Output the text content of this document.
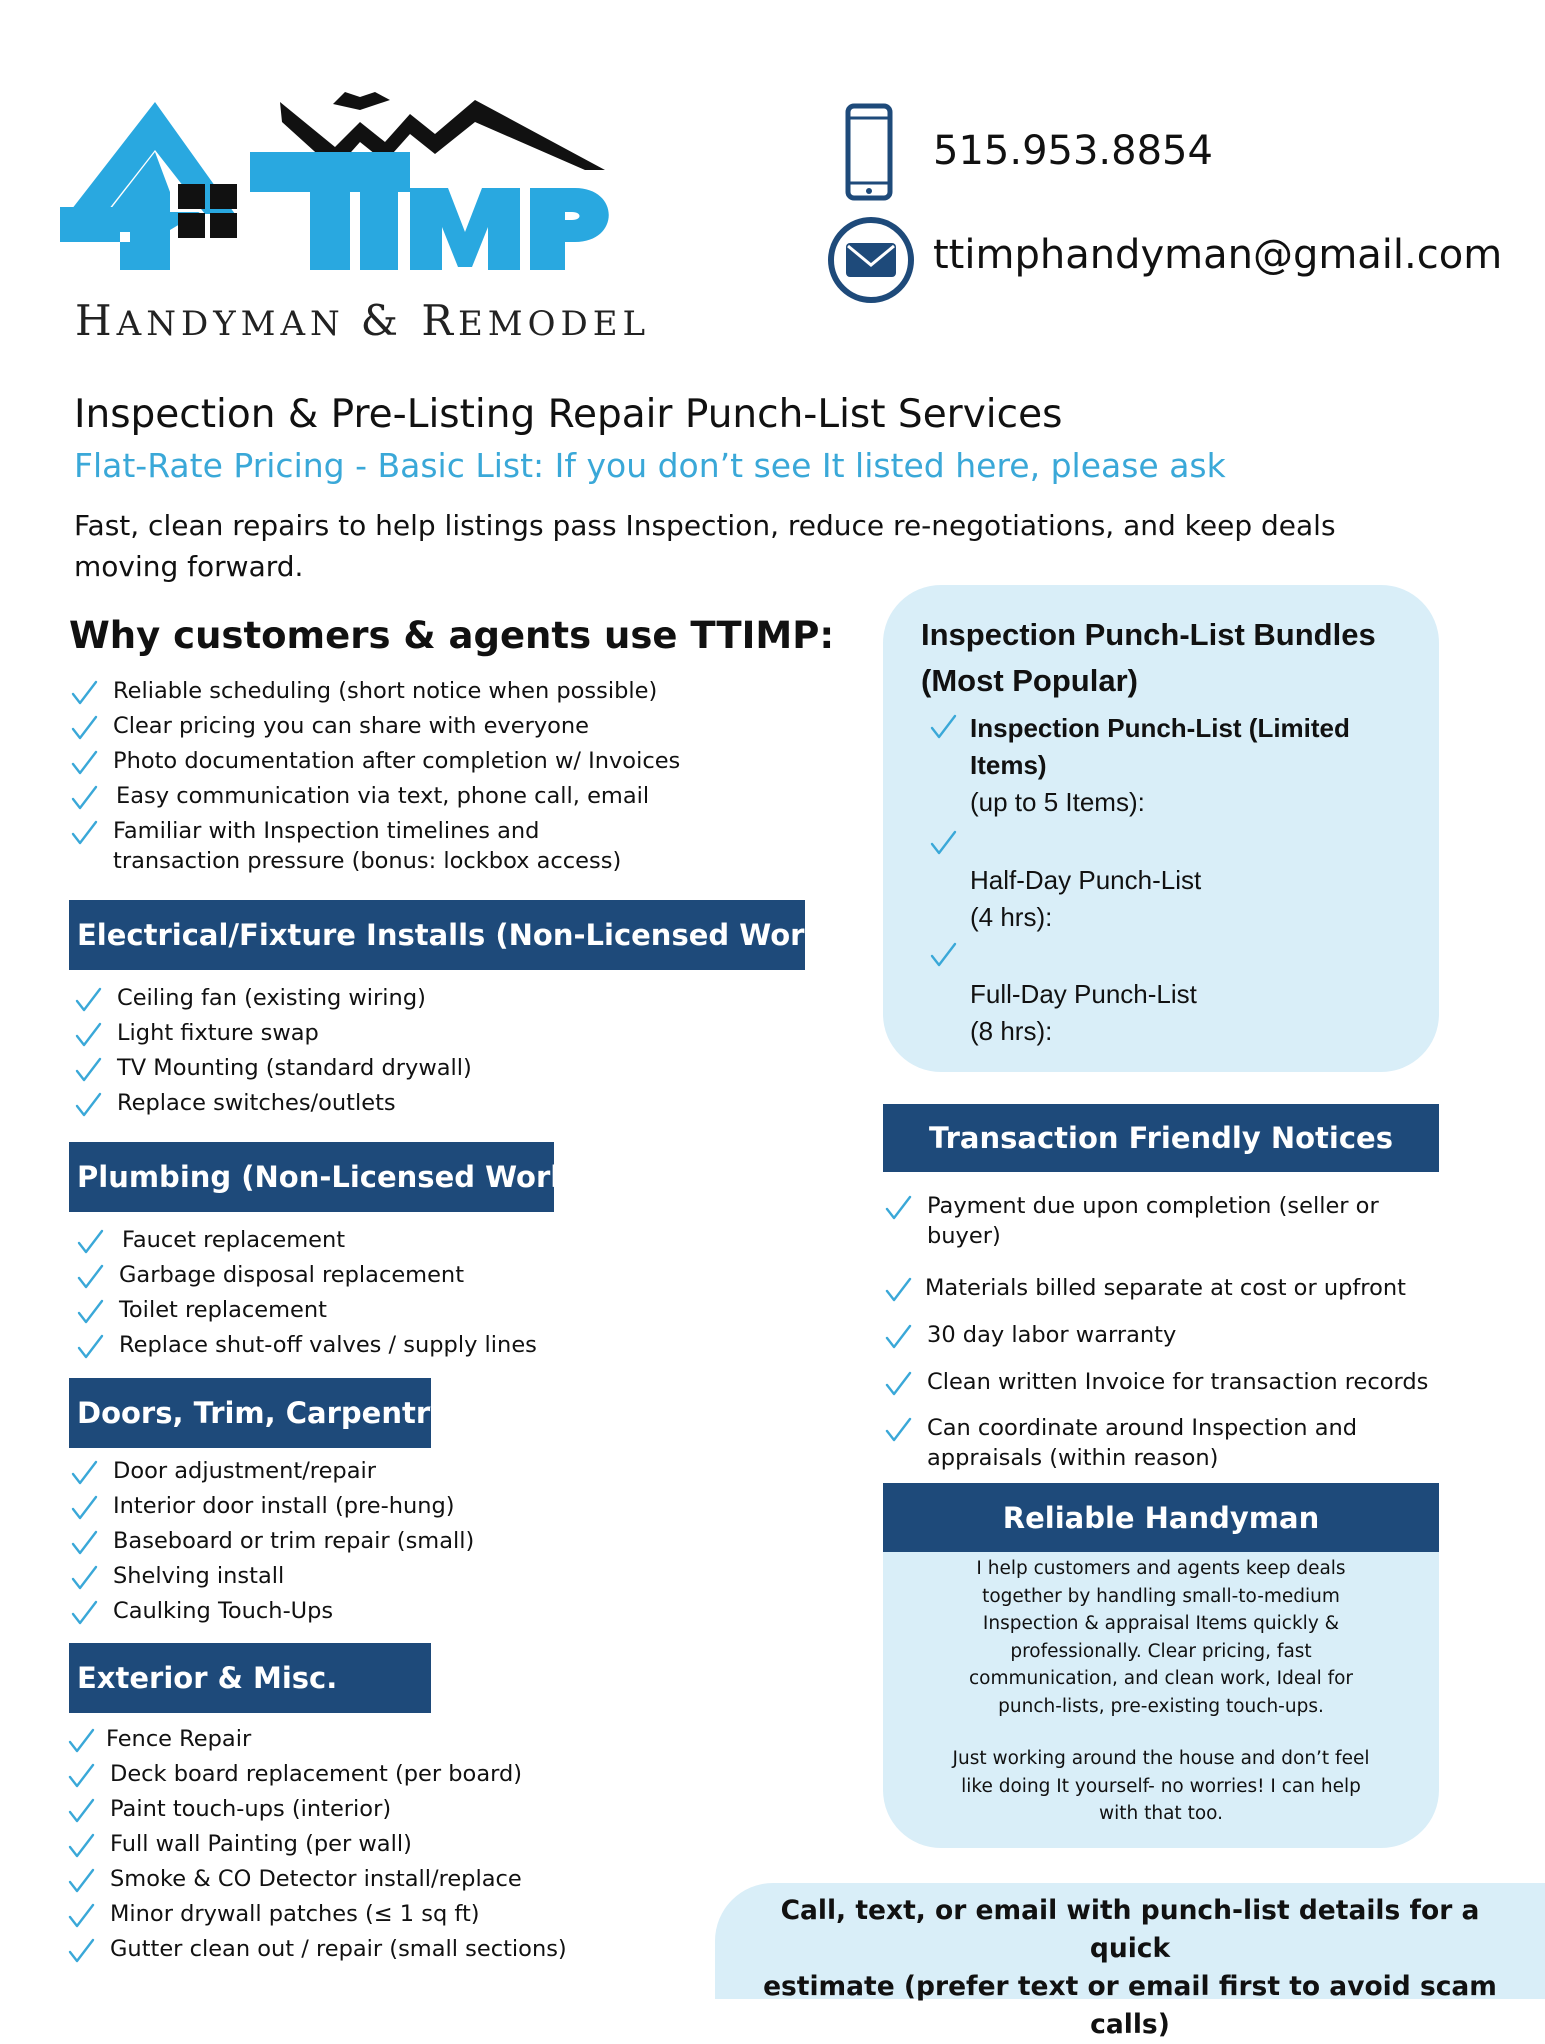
HANDYMAN & REMODEL
515.953.8854
ttimphandyman@gmail.com
Inspection & Pre-Listing Repair Punch-List Services
Flat-Rate Pricing - Basic List: If you don’t see It listed here, please ask
Fast, clean repairs to help listings pass Inspection, reduce re-negotiations, and keep deals moving forward.
Why customers & agents use TTIMP:
Reliable scheduling (short notice when possible)
Clear pricing you can share with everyone
Photo documentation after completion w/ Invoices
Easy communication via text, phone call, email
Familiar with Inspection timelines and
transaction pressure (bonus: lockbox access)
Electrical/Fixture Installs (Non-Licensed Work)
Ceiling fan (existing wiring)
Light fixture swap
TV Mounting (standard drywall)
Replace switches/outlets
Plumbing (Non-Licensed Work)
Faucet replacement
Garbage disposal replacement
Toilet replacement
Replace shut-off valves / supply lines
Doors, Trim, Carpentry
Door adjustment/repair
Interior door install (pre-hung)
Baseboard or trim repair (small)
Shelving install
Caulking Touch-Ups
Exterior & Misc.
Fence Repair
Deck board replacement (per board)
Paint touch-ups (interior)
Full wall Painting (per wall)
Smoke & CO Detector install/replace
Minor drywall patches (≤ 1 sq ft)
Gutter clean out / repair (small sections)
Inspection Punch-List Bundles
(Most Popular)
Inspection Punch-List (Limited
Items)
(up to 5 Items):
Half-Day Punch-List
(4 hrs):
Full-Day Punch-List
(8 hrs):
Transaction Friendly Notices
Payment due upon completion (seller or
buyer)
Materials billed separate at cost or upfront
30 day labor warranty
Clean written Invoice for transaction records
Can coordinate around Inspection and
appraisals (within reason)
Reliable Handyman
I help customers and agents keep deals
together by handling small-to-medium
Inspection & appraisal Items quickly &
professionally. Clear pricing, fast
communication, and clean work, Ideal for
punch-lists, pre-existing touch-ups.
Just working around the house and don’t feel
like doing It yourself- no worries! I can help
with that too.
Call, text, or email with punch-list details for a quick
estimate (prefer text or email first to avoid scam calls)
